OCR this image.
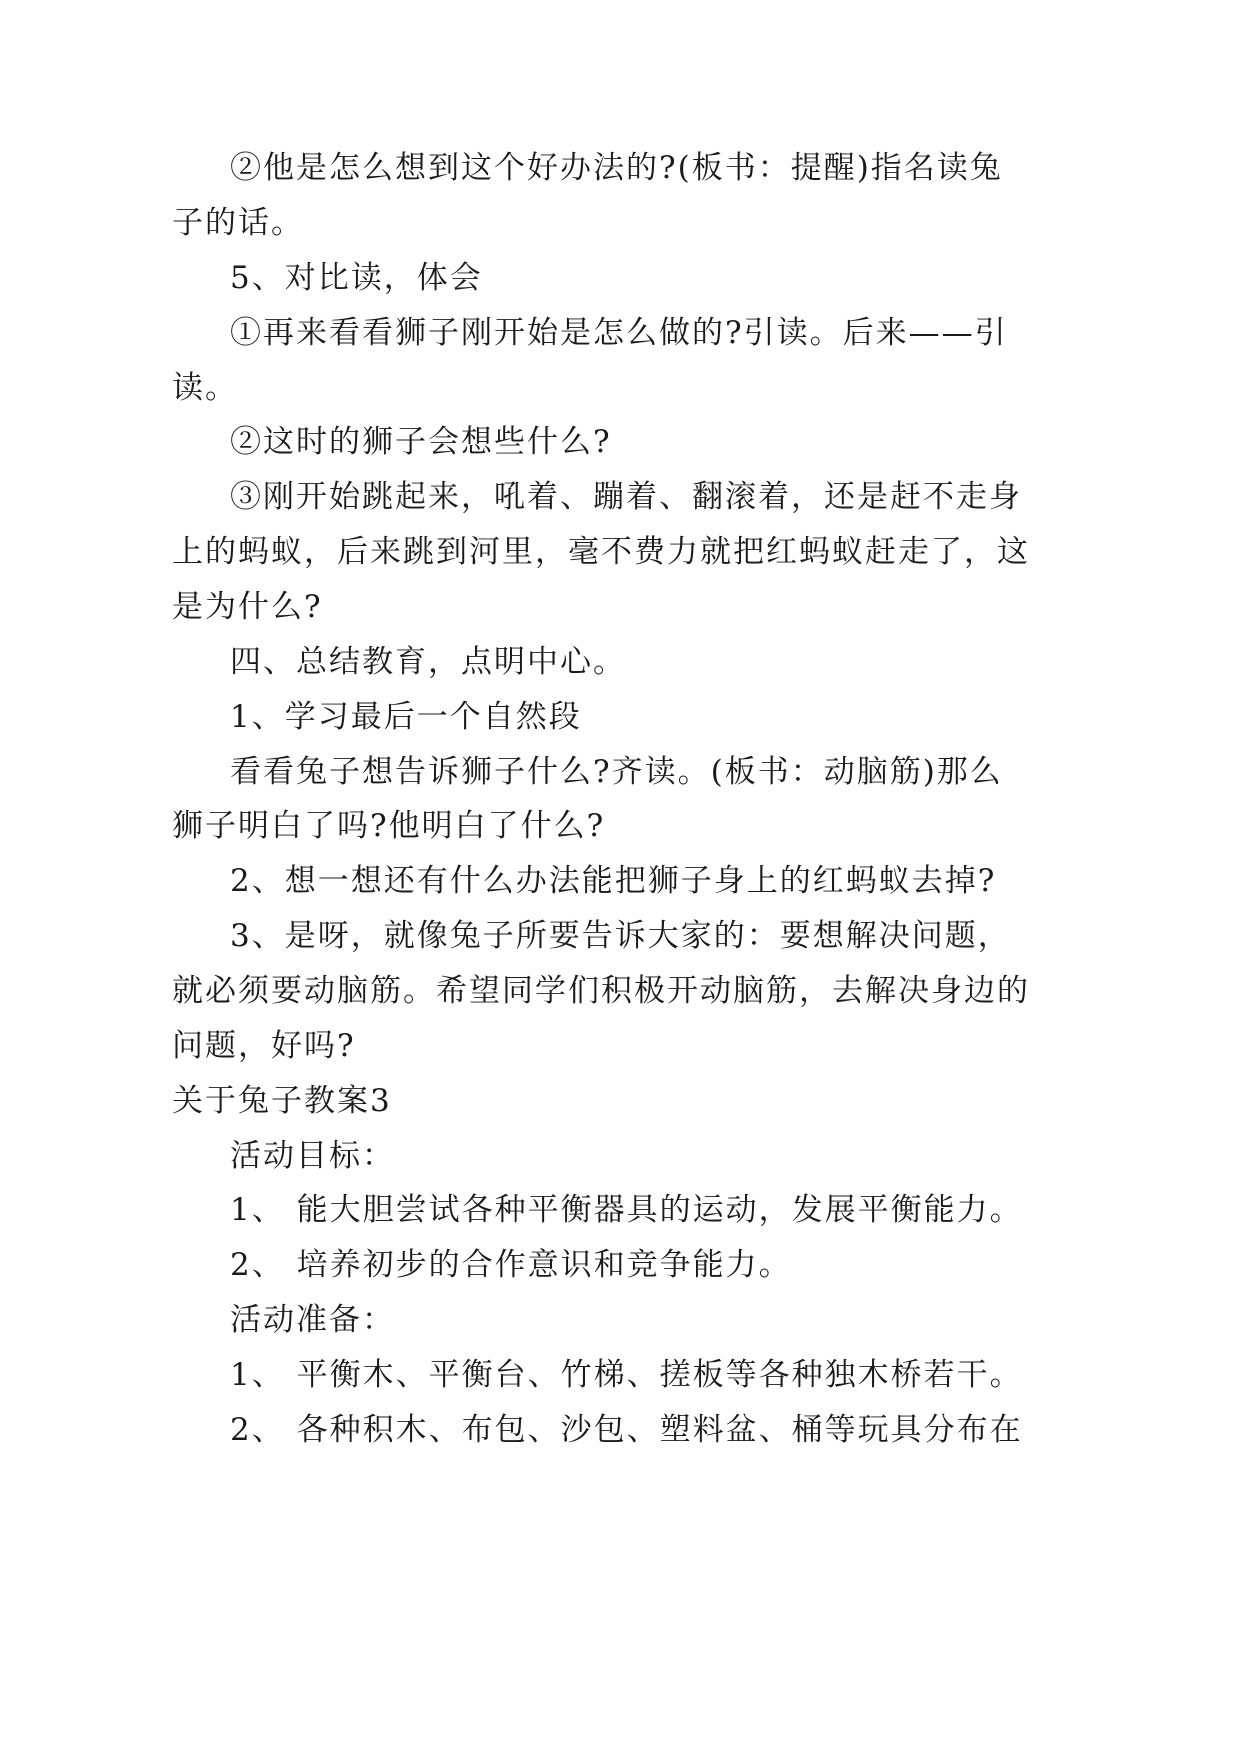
②他是怎么想到这个好办法的?(板书：提醒)指名读兔
子的话。
5、对比读，体会
①再来看看狮子刚开始是怎么做的?引读。后来——引
读。
②这时的狮子会想些什么?
③刚开始跳起来，吼着、蹦着、翻滚着，还是赶不走身
上的蚂蚁，后来跳到河里，毫不费力就把红蚂蚁赶走了，这
是为什么?
四、总结教育，点明中心。
1、学习最后一个自然段
看看兔子想告诉狮子什么?齐读。(板书：动脑筋)那么
狮子明白了吗?他明白了什么?
2、想一想还有什么办法能把狮子身上的红蚂蚁去掉?
3、是呀，就像兔子所要告诉大家的：要想解决问题，
就必须要动脑筋。希望同学们积极开动脑筋，去解决身边的
问题，好吗?
关于兔子教案3
活动目标：
1、 能大胆尝试各种平衡器具的运动，发展平衡能力。
2、 培养初步的合作意识和竞争能力。
活动准备：
1、 平衡木、平衡台、竹梯、搓板等各种独木桥若干。
2、 各种积木、布包、沙包、塑料盆、桶等玩具分布在
